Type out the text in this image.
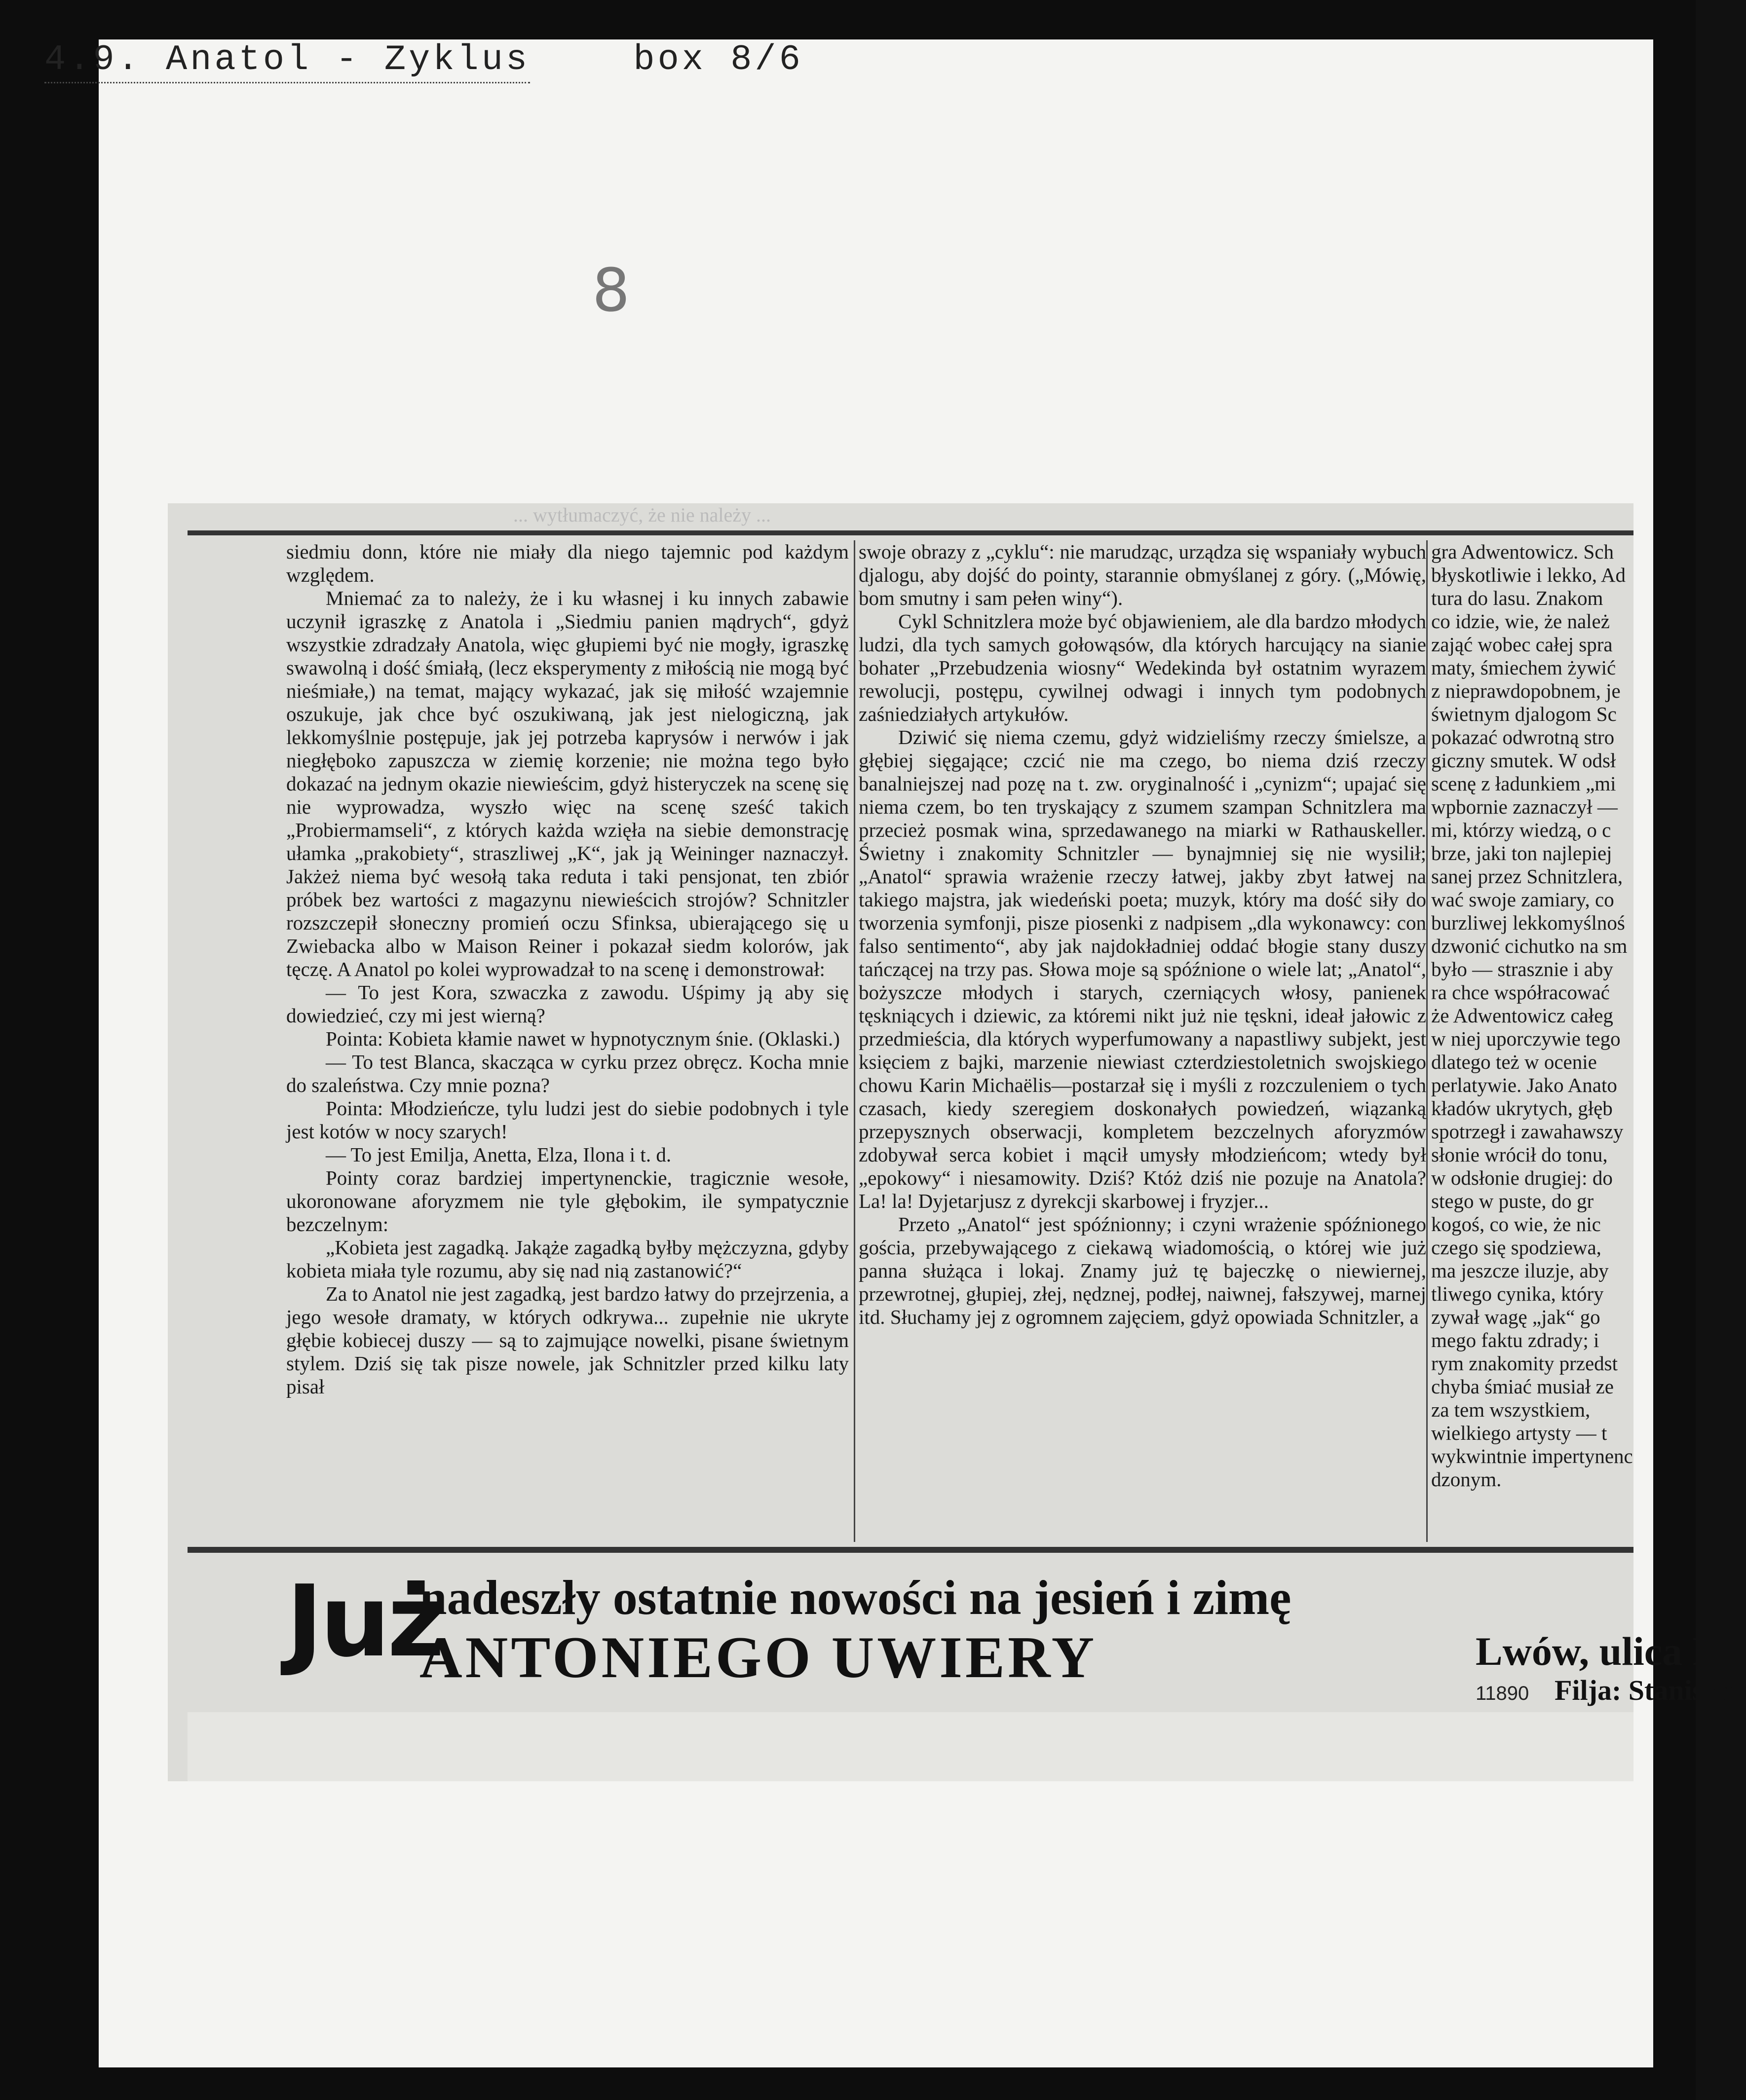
4.9. Anatol - Zyklus	box 8/6
8
... wytłumaczyć, że nie należy ...

siedmiu donn, które nie miały dla niego tajemnic pod każdym względem.

Mniemać za to należy, że i ku własnej i ku innych zabawie uczynił igraszkę z Anatola i „Siedmiu panien mądrych“, gdyż wszystkie zdradzały Anatola, więc głupiemi być nie mogły, igraszkę swawolną i dość śmiałą, (lecz eksperymenty z miłością nie mogą być nieśmiałe,) na temat, mający wykazać, jak się miłość wzajemnie oszukuje, jak chce być oszukiwaną, jak jest nielogiczną, jak lekkomyślnie postępuje, jak jej potrzeba kaprysów i nerwów i jak niegłęboko zapuszcza w ziemię korzenie; nie można tego było dokazać na jednym okazie niewieścim, gdyż histeryczek na scenę się nie wyprowadza, wyszło więc na scenę sześć takich „Probiermamseli“, z których każda wzięła na siebie demonstrację ułamka „prakobiety“, straszliwej „K“, jak ją Weininger naznaczył. Jakżeż niema być wesołą taka reduta i taki pensjonat, ten zbiór próbek bez wartości z magazynu niewieścich strojów? Schnitzler rozszczepił słoneczny promień oczu Sfinksa, ubierającego się u Zwiebacka albo w Maison Reiner i pokazał siedm kolorów, jak tęczę. A Anatol po kolei wyprowadzał to na scenę i demonstrował:

— To jest Kora, szwaczka z zawodu. Uśpimy ją aby się dowiedzieć, czy mi jest wierną?

Pointa: Kobieta kłamie nawet w hypnotycznym śnie. (Oklaski.)

— To test Blanca, skacząca w cyrku przez obręcz. Kocha mnie do szaleństwa. Czy mnie pozna?

Pointa: Młodzieńcze, tylu ludzi jest do siebie podobnych i tyle jest kotów w nocy szarych!

— To jest Emilja, Anetta, Elza, Ilona i t. d.

Pointy coraz bardziej impertynenckie, tragicznie wesołe, ukoronowane aforyzmem nie tyle głębokim, ile sympatycznie bezczelnym:

„Kobieta jest zagadką. Jakąże zagadką byłby mężczyzna, gdyby kobieta miała tyle rozumu, aby się nad nią zastanowić?“

Za to Anatol nie jest zagadką, jest bardzo łatwy do przejrzenia, a jego wesołe dramaty, w których odkrywa... zupełnie nie ukryte głębie kobiecej duszy — są to zajmujące nowelki, pisane świetnym stylem. Dziś się tak pisze nowele, jak Schnitzler przed kilku laty pisał

swoje obrazy z „cyklu“: nie marudząc, urządza się wspaniały wybuch djalogu, aby dojść do pointy, starannie obmyślanej z góry. („Mówię, bom smutny i sam pełen winy“).

Cykl Schnitzlera może być objawieniem, ale dla bardzo młodych ludzi, dla tych samych gołowąsów, dla których harcujący na sianie bohater „Przebudzenia wiosny“ Wedekinda był ostatnim wyrazem rewolucji, postępu, cywilnej odwagi i innych tym podobnych zaśniedziałych artykułów.

Dziwić się niema czemu, gdyż widzieliśmy rzeczy śmielsze, a głębiej sięgające; czcić nie ma czego, bo niema dziś rzeczy banalniejszej nad pozę na t. zw. oryginalność i „cynizm“; upajać się niema czem, bo ten tryskający z szumem szampan Schnitzlera ma przecież posmak wina, sprzedawanego na miarki w Rathauskeller. Świetny i znakomity Schnitzler — bynajmniej się nie wysilił; „Anatol“ sprawia wrażenie rzeczy łatwej, jakby zbyt łatwej na takiego majstra, jak wiedeński poeta; muzyk, który ma dość siły do tworzenia symfonji, pisze piosenki z nadpisem „dla wykonawcy: con falso sentimento“, aby jak najdokładniej oddać błogie stany duszy tańczącej na trzy pas. Słowa moje są spóźnione o wiele lat; „Anatol“, bożyszcze młodych i starych, czerniących włosy, panienek tęskniących i dziewic, za któremi nikt już nie tęskni, ideał jałowic z przedmieścia, dla których wyperfumowany a napastliwy subjekt, jest księciem z bajki, marzenie niewiast czterdziestoletnich swojskiego chowu Karin Michaëlis—postarzał się i myśli z rozczuleniem o tych czasach, kiedy szeregiem doskonałych powiedzeń, wiązanką przepysznych obserwacji, kompletem bezczelnych aforyzmów zdobywał serca kobiet i mącił umysły młodzieńcom; wtedy był „epokowy“ i niesamowity. Dziś? Któż dziś nie pozuje na Anatola? La! la! Dyjetarjusz z dyrekcji skarbowej i fryzjer...

Przeto „Anatol“ jest spóźnionny; i czyni wrażenie spóźnionego gościa, przebywającego z ciekawą wiadomością, o której wie już panna służąca i lokaj. Znamy już tę bajeczkę o niewiernej, przewrotnej, głupiej, złej, nędznej, podłej, naiwnej, fałszywej, marnej itd. Słuchamy jej z ogromnem zajęciem, gdyż opowiada Schnitzler, a

gra Adwentowicz. Sch
błyskotliwie i lekko, Ad
tura do lasu. Znakom
co idzie, wie, że należ
zająć wobec całej spra
maty, śmiechem żywić
z nieprawdopobnem, je
świetnym djalogom Sc
pokazać odwrotną stro
giczny smutek. W odsł
scenę z ładunkiem „mi
wpbornie zaznaczył —
mi, którzy wiedzą, o c
brze, jaki ton najlepiej
sanej przez Schnitzlera,
wać swoje zamiary, co
burzliwej lekkomyślnoś
dzwonić cichutko na sm
było — strasznie i aby
ra chce współracować
że Adwentowicz całeg
w niej uporczywie tego
dlatego też w ocenie
perlatywie. Jako Anato
kładów ukrytych, głęb
spotrzegł i zawahawszy
słonie wrócił do tonu,
w odsłonie drugiej: do
stego w puste, do gr
kogoś, co wie, że nic
czego się spodziewa,
ma jeszcze iluzje, aby
tliwego cynika, który
zywał wagę „jak“ go
mego faktu zdrady; i
rym znakomity przedst
chyba śmiać musiał ze
za tem wszystkiem,
wielkiego artysty — t
wykwintnie impertynenc
dzonym.
Już
nadeszły ostatnie nowości na jesień i zimę
ANTONIEGO UWIERY	Lwów, ulica H
11890 Filja: Stanisław
